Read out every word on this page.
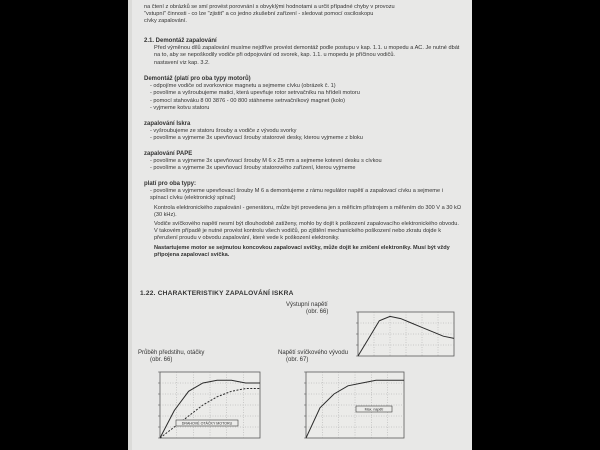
na čtení z obrázků se smí provést porovnání s obvyklými hodnotami a určit případné chyby v provozu

"vstupní" činnosti - co lze "zjistit" a co jedno zkušební zařízení - sledovat pomocí osciloskopu

cívky zapalování.

2.1. Demontáž zapalování

Před výměnou dílů zapalování musíme nejdříve provést demontáž podle postupu v kap. 1.1. u mopedu a AC. Je nutné dbát na to, aby se nepoškodily vodiče při odpojování od svorek, kap. 1.1. u mopedu je příčinou vodičů.

nastavení viz kap. 3.2.

Demontáž (platí pro oba typy motorů)

- odpojíme vodiče od svorkovnice magnetu a sejmeme cívku (obrázek č. 1)

- povolíme a vyšroubujeme matici, která upevňuje rotor setrvačníku na hřídeli motoru

- pomocí stahováku 8 00 3876 - 00 800 stáhneme setrvačníkový magnet (kolo)

- vyjmeme kotvu statoru

zapalování Iskra

- vyšroubujeme ze statoru šrouby a vodiče z vývodu svorky

- povolíme a vyjmeme 3x upevňovací šrouby statorové desky, kterou vyjmeme z bloku

zapalování PAPE

- povolíme a vyjmeme 3x upevňovací šrouby M 6 x 25 mm a sejmeme kotevní desku s cívkou

- povolíme a vyjmeme 3x upevňovací šrouby statorového zařízení, kterou vyjmeme

platí pro oba typy:

- povolíme a vyjmeme upevňovací šrouby M 6 a demontujeme z rámu regulátor napětí a zapalovací cívku a sejmeme i spínací cívku (elektronický spínač)

Kontrola elektronického zapalování - generátoru, může být provedena jen s měřicím přístrojem s měřením do 300 V a 30 kΩ (30 kHz).

Vodiče svíčkového napětí nesmí být dlouhodobě zatíženy, mohlo by dojít k poškození zapalovacího elektronického obvodu. V takovém případě je nutné provést kontrolu všech vodičů, po zjištění mechanického poškození nebo zkratu dojde k přerušení proudu v obvodu zapalování, které vede k poškození elektroniky.

Nastartujeme motor se sejmutou koncovkou zapalovací svíčky, může dojít ke zničení elektroniky. Musí být vždy připojena zapalovací svíčka.

1.22. CHARAKTERISTIKY ZAPALOVÁNÍ ISKRA
Výstupní napětí
(obr. 66)
Průběh předstihu, otáčky
(obr. 66)
DRAHOVÉ OTÁČKY MOTORU
Napětí svíčkového vývodu
(obr. 67)
Max. napětí
